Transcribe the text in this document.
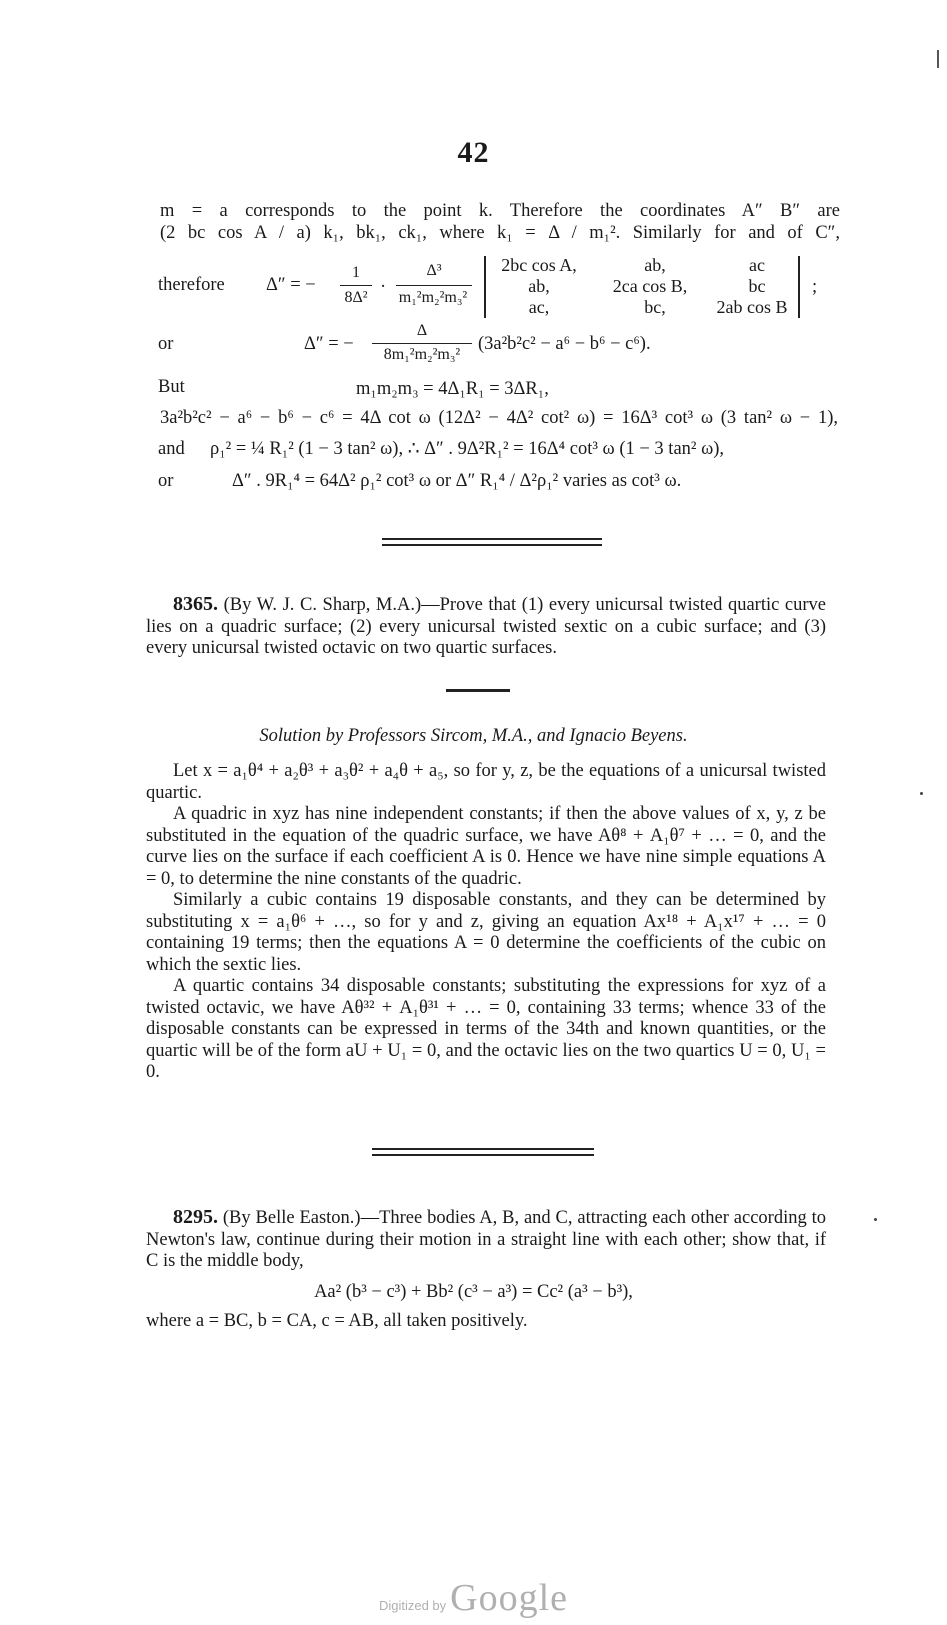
42
m = a corresponds to the point k. Therefore the coordinates A″ B″ are
(2 bc cos A / a) k₁, bk₁, ck₁, where k₁ = Δ / m₁². Similarly for and of C″,
therefore Δ″ = −
1
8Δ²
·
Δ³
m₁²m₂²m₃²
2bc cos A,	ab,	ac
ab,	2ca cos B,	bc
ac,	bc,	2ab cos B
;
or	Δ″ = −
Δ
8m₁²m₂²m₃²
(3a²b²c² − a⁶ − b⁶ − c⁶).
But	m₁m₂m₃ = 4Δ₁R₁ = 3ΔR₁,
3a²b²c² − a⁶ − b⁶ − c⁶ = 4Δ cot ω (12Δ² − 4Δ² cot² ω) = 16Δ³ cot³ ω (3 tan² ω − 1),
and ρ₁² = ¼ R₁² (1 − 3 tan² ω), ∴ Δ″ . 9Δ²R₁² = 16Δ⁴ cot³ ω (1 − 3 tan² ω),
or	Δ″ . 9R₁⁴ = 64Δ² ρ₁² cot³ ω or Δ″ R₁⁴ / Δ²ρ₁² varies as cot³ ω.

8365. (By W. J. C. Sharp, M.A.)—Prove that (1) every unicursal twisted quartic curve lies on a quadric surface; (2) every unicursal twisted sextic on a cubic surface; and (3) every unicursal twisted octavic on two quartic surfaces.

Solution by Professors Sircom, M.A., and Ignacio Beyens.

Let x = a₁θ⁴ + a₂θ³ + a₃θ² + a₄θ + a₅, so for y, z, be the equations of a unicursal twisted quartic.

A quadric in xyz has nine independent constants; if then the above values of x, y, z be substituted in the equation of the quadric surface, we have Aθ⁸ + A₁θ⁷ + … = 0, and the curve lies on the surface if each coefficient A is 0. Hence we have nine simple equations A = 0, to determine the nine constants of the quadric.

Similarly a cubic contains 19 disposable constants, and they can be determined by substituting x = a₁θ⁶ + …, so for y and z, giving an equation Ax¹⁸ + A₁x¹⁷ + … = 0 containing 19 terms; then the equations A = 0 determine the coefficients of the cubic on which the sextic lies.

A quartic contains 34 disposable constants; substituting the expressions for xyz of a twisted octavic, we have Aθ³² + A₁θ³¹ + … = 0, containing 33 terms; whence 33 of the disposable constants can be expressed in terms of the 34th and known quantities, or the quartic will be of the form aU + U₁ = 0, and the octavic lies on the two quartics U = 0, U₁ = 0.

8295. (By Belle Easton.)—Three bodies A, B, and C, attracting each other according to Newton's law, continue during their motion in a straight line with each other; show that, if C is the middle body,

Aa² (b³ − c³) + Bb² (c³ − a³) = Cc² (a³ − b³),
where a = BC, b = CA, c = AB, all taken positively.
Digitized by Google
